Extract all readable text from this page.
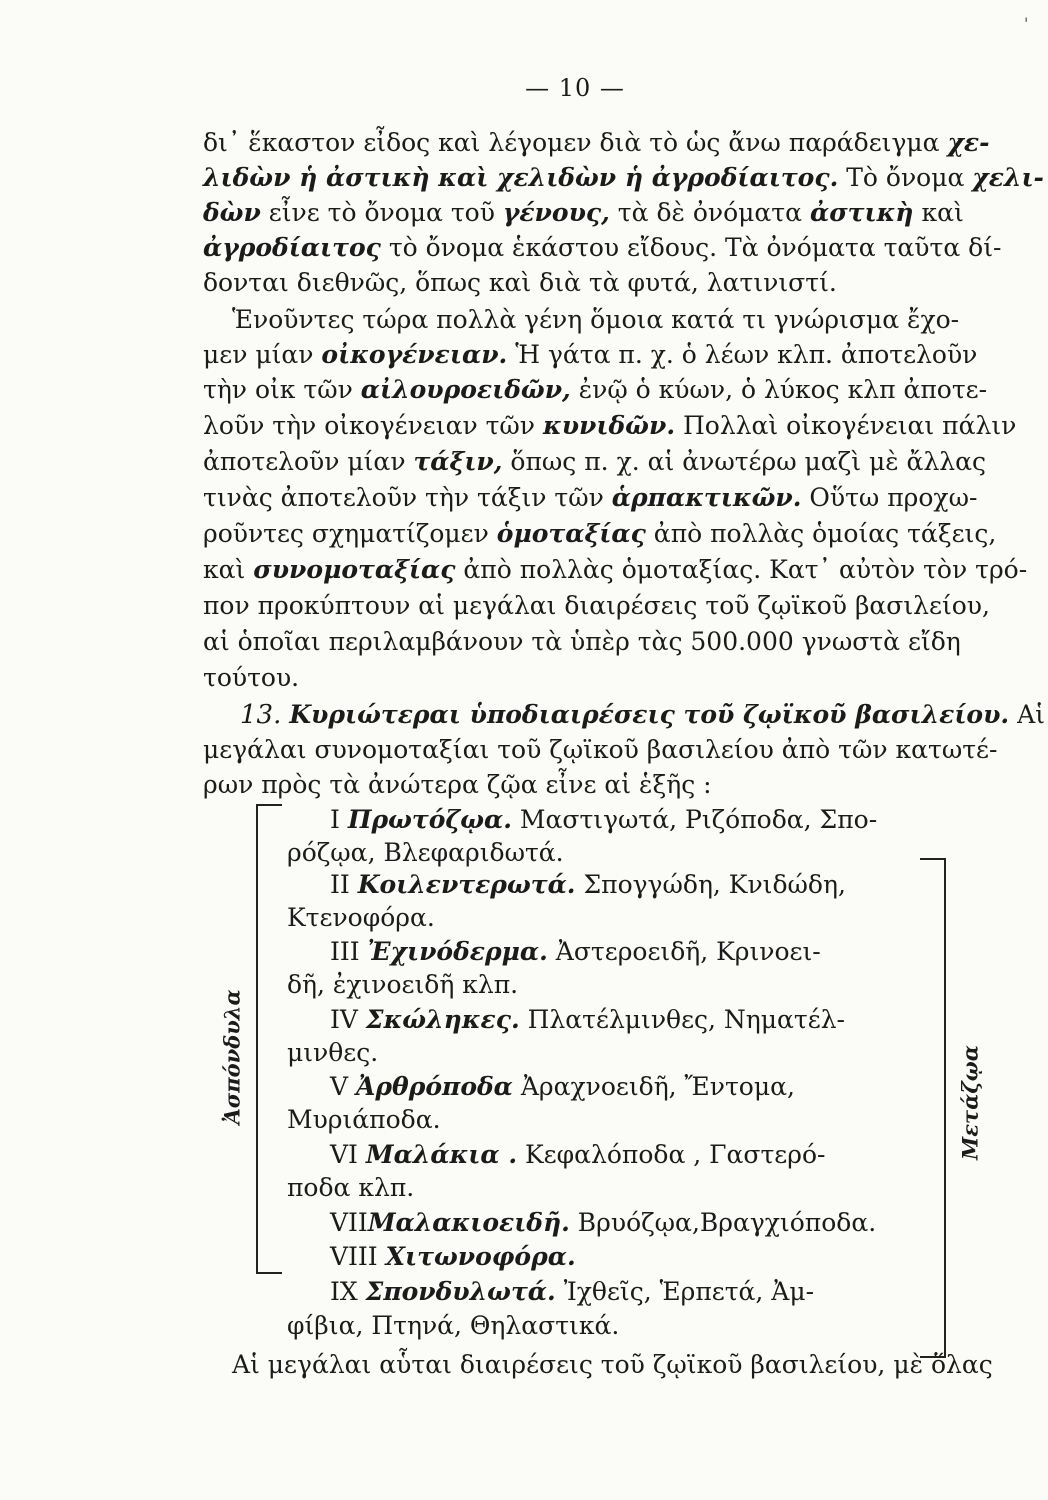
'
— 10 —
δι᾽ ἕκαστον εἶδος καὶ λέγομεν διὰ τὸ ὡς ἄνω παράδειγμα χε-
λιδὼν ἡ ἀστικὴ καὶ χελιδὼν ἡ ἀγροδίαιτος. Τὸ ὄνομα χελι-
δὼν εἶνε τὸ ὄνομα τοῦ γένους, τὰ δὲ ὀνόματα ἀστικὴ καὶ
ἀγροδίαιτος τὸ ὄνομα ἑκάστου εἴδους. Τὰ ὀνόματα ταῦτα δί-
δονται διεθνῶς, ὅπως καὶ διὰ τὰ φυτά, λατινιστί.
Ἑνοῦντες τώρα πολλὰ γένη ὅμοια κατά τι γνώρισμα ἔχο-
μεν μίαν οἰκογένειαν. Ἡ γάτα π. χ. ὁ λέων κλπ. ἀποτελοῦν
τὴν οἰκ τῶν αἰλουροειδῶν, ἐνῷ ὁ κύων, ὁ λύκος κλπ ἀποτε-
λοῦν τὴν οἰκογένειαν τῶν κυνιδῶν. Πολλαὶ οἰκογένειαι πάλιν
ἀποτελοῦν μίαν τάξιν, ὅπως π. χ. αἱ ἀνωτέρω μαζὶ μὲ ἄλλας
τινὰς ἀποτελοῦν τὴν τάξιν τῶν ἁρπακτικῶν. Οὕτω προχω-
ροῦντες σχηματίζομεν ὁμοταξίας ἀπὸ πολλὰς ὁμοίας τάξεις,
καὶ συνομοταξίας ἀπὸ πολλὰς ὁμοταξίας. Κατ᾽ αὐτὸν τὸν τρό-
πον προκύπτουν αἱ μεγάλαι διαιρέσεις τοῦ ζῳϊκοῦ βασιλείου,
αἱ ὁποῖαι περιλαμβάνουν τὰ ὑπὲρ τὰς 500.000 γνωστὰ εἴδη
τούτου.
13. Κυριώτεραι ὑποδιαιρέσεις τοῦ ζῳϊκοῦ βασιλείου. Αἱ
μεγάλαι συνομοταξίαι τοῦ ζῳϊκοῦ βασιλείου ἀπὸ τῶν κατωτέ-
ρων πρὸς τὰ ἀνώτερα ζῷα εἶνε αἱ ἑξῆς :
Ἀσπόνδυλα	Μετάζῳα
I Πρωτόζῳα. Μαστιγωτά, Ριζόποδα, Σπο-
ρόζῳα, Βλεφαριδωτά.
II Κοιλεντερωτά. Σπογγώδη, Κνιδώδη,
Κτενοφόρα.
III Ἐχινόδερμα. Ἀστεροειδῆ, Κρινοει-
δῆ, ἐχινοειδῆ κλπ.
IV Σκώληκες. Πλατέλμινθες, Νηματέλ-
μινθες.
V Ἀρθρόποδα Ἀραχνοειδῆ, Ἔντομα,
Μυριάποδα.
VI Μαλάκια . Κεφαλόποδα , Γαστερό-
ποδα κλπ.
VIIΜαλακιοειδῆ. Βρυόζῳα,Βραγχιόποδα.
VIII Χιτωνοφόρα.
IX Σπονδυλωτά. Ἰχθεῖς, Ἑρπετά, Ἀμ-
φίβια, Πτηνά, Θηλαστικά.
Αἱ μεγάλαι αὗται διαιρέσεις τοῦ ζῳϊκοῦ βασιλείου, μὲ ὅλας
